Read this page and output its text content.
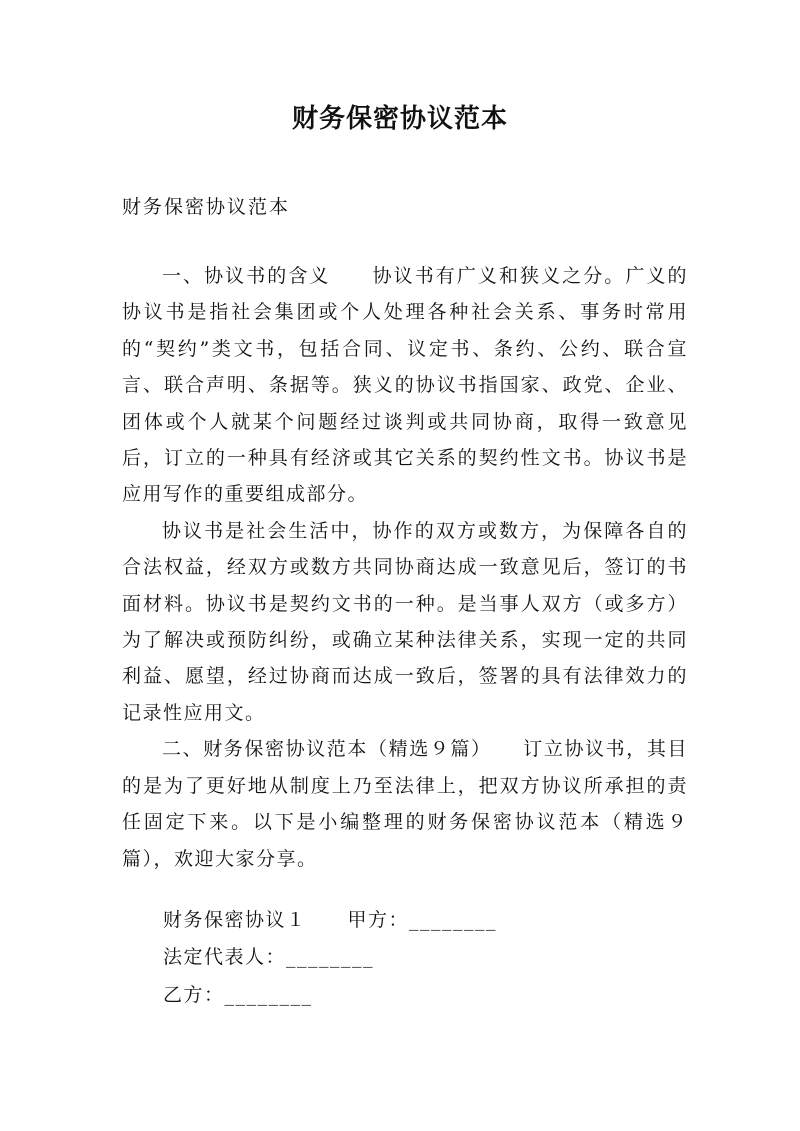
财务保密协议范本

财务保密协议范本

一、协议书的含义　　协议书有广义和狭义之分。广义的协议书是指社会集团或个人处理各种社会关系、事务时常用的“契约”类文书，包括合同、议定书、条约、公约、联合宣言、联合声明、条据等。狭义的协议书指国家、政党、企业、团体或个人就某个问题经过谈判或共同协商，取得一致意见后，订立的一种具有经济或其它关系的契约性文书。协议书是应用写作的重要组成部分。

协议书是社会生活中，协作的双方或数方，为保障各自的合法权益，经双方或数方共同协商达成一致意见后，签订的书面材料。协议书是契约文书的一种。是当事人双方（或多方）为了解决或预防纠纷，或确立某种法律关系，实现一定的共同利益、愿望，经过协商而达成一致后，签署的具有法律效力的记录性应用文。

二、财务保密协议范本（精选９篇）　　订立协议书，其目的是为了更好地从制度上乃至法律上，把双方协议所承担的责任固定下来。以下是小编整理的财务保密协议范本（精选９篇），欢迎大家分享。

财务保密协议１　　甲方：________

法定代表人：________

乙方：________
